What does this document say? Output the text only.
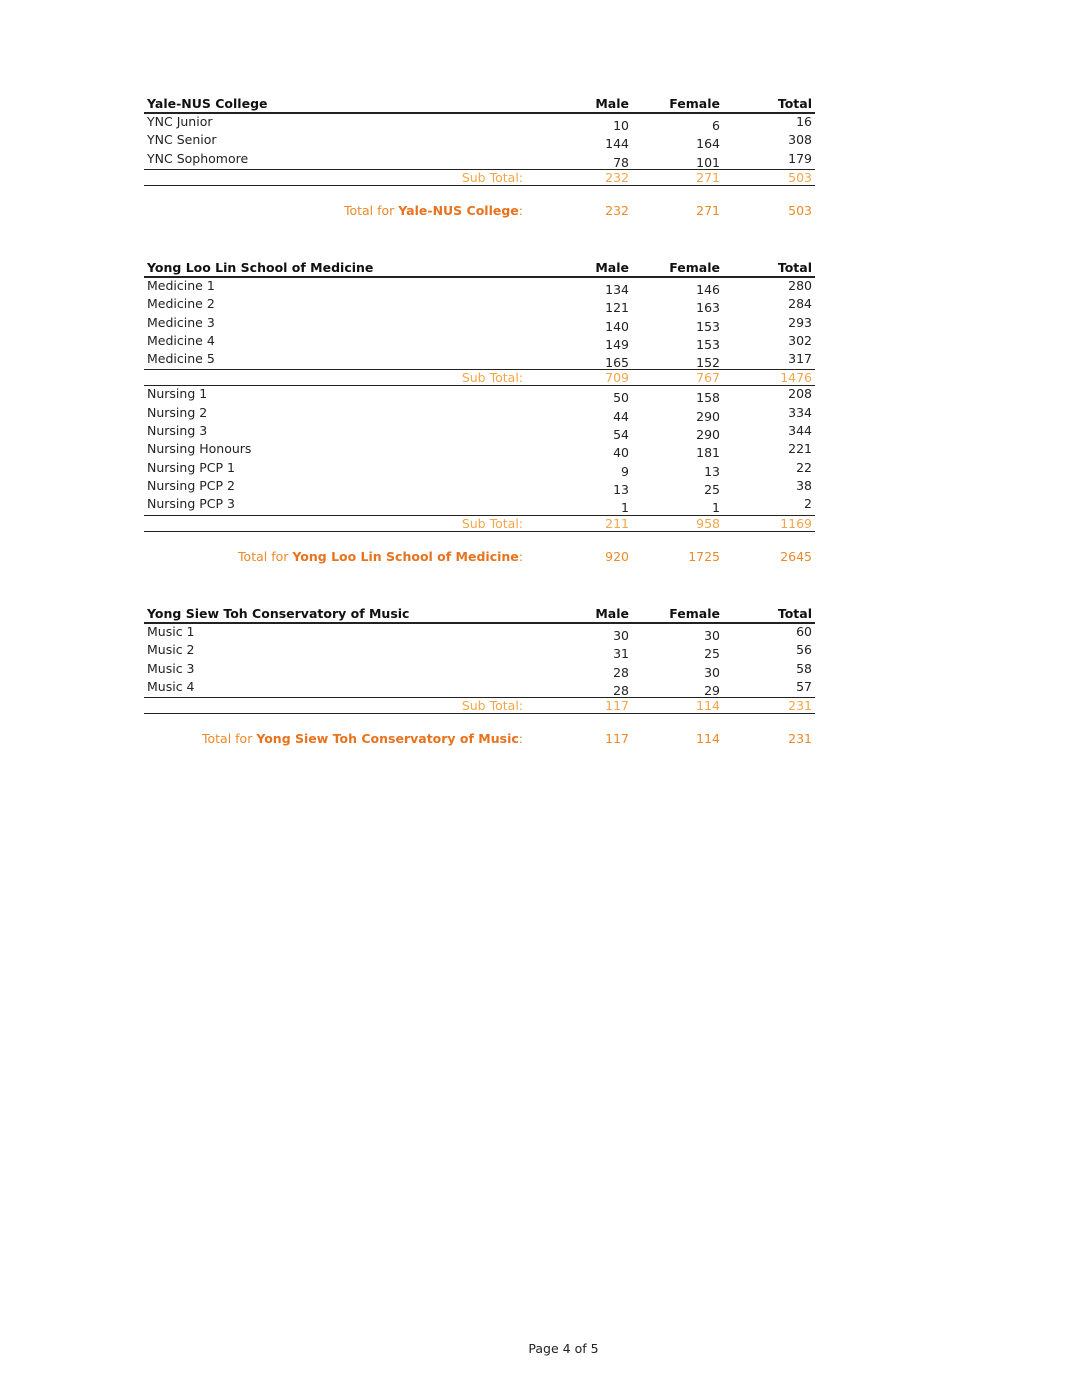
Yale-NUS College	Male	Female	Total
YNC Junior	10	6	16
YNC Senior	144	164	308
YNC Sophomore	78	101	179
Sub Total:	232	271	503
Total for Yale-NUS College:	232	271	503
Yong Loo Lin School of Medicine	Male	Female	Total
Medicine 1	134	146	280
Medicine 2	121	163	284
Medicine 3	140	153	293
Medicine 4	149	153	302
Medicine 5	165	152	317
Sub Total:	709	767	1476
Nursing 1	50	158	208
Nursing 2	44	290	334
Nursing 3	54	290	344
Nursing Honours	40	181	221
Nursing PCP 1	9	13	22
Nursing PCP 2	13	25	38
Nursing PCP 3	1	1	2
Sub Total:	211	958	1169
Total for Yong Loo Lin School of Medicine:	920	1725	2645
Yong Siew Toh Conservatory of Music	Male	Female	Total
Music 1	30	30	60
Music 2	31	25	56
Music 3	28	30	58
Music 4	28	29	57
Sub Total:	117	114	231
Total for Yong Siew Toh Conservatory of Music:	117	114	231
Page 4 of 5
